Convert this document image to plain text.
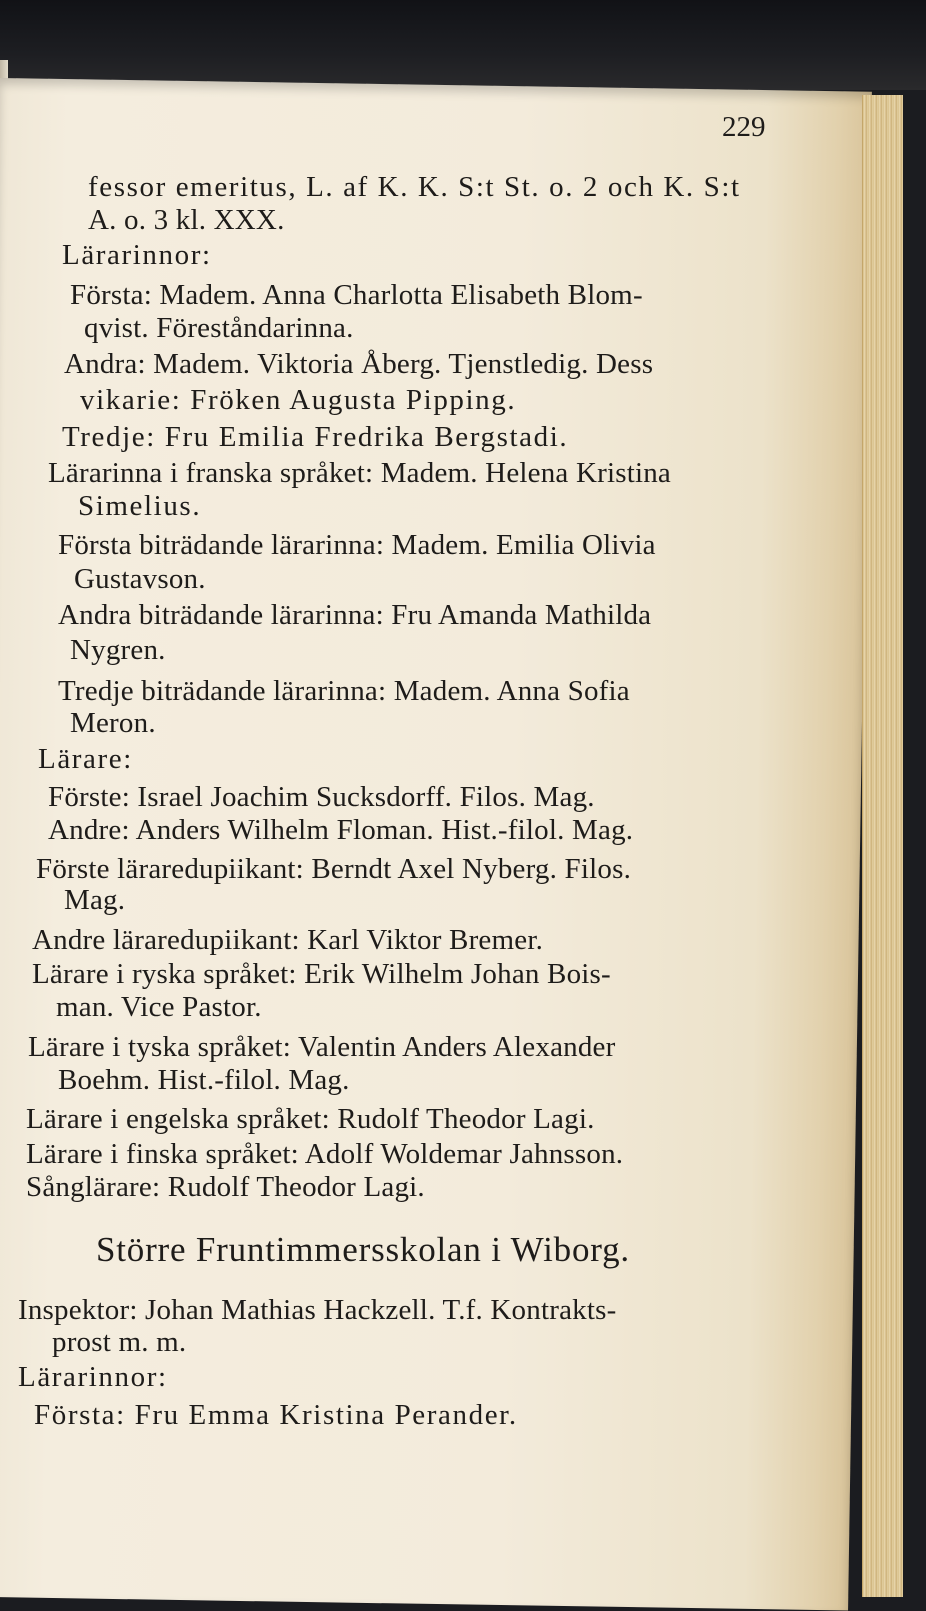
229
fessor emeritus, L. af K. K. S:t St. o. 2 och K. S:t
A. o. 3 kl. XXX.
Lärarinnor:
Första: Madem. Anna Charlotta Elisabeth Blom-
qvist. Föreståndarinna.
Andra: Madem. Viktoria Åberg. Tjenstledig. Dess
vikarie: Fröken Augusta Pipping.
Tredje: Fru Emilia Fredrika Bergstadi.
Lärarinna i franska språket: Madem. Helena Kristina
Simelius.
Första biträdande lärarinna: Madem. Emilia Olivia
Gustavson.
Andra biträdande lärarinna: Fru Amanda Mathilda
Nygren.
Tredje biträdande lärarinna: Madem. Anna Sofia
Meron.
Lärare:
Förste: Israel Joachim Sucksdorff. Filos. Mag.
Andre: Anders Wilhelm Floman. Hist.-filol. Mag.
Förste läraredupiikant: Berndt Axel Nyberg. Filos.
Mag.
Andre läraredupiikant: Karl Viktor Bremer.
Lärare i ryska språket: Erik Wilhelm Johan Bois-
man. Vice Pastor.
Lärare i tyska språket: Valentin Anders Alexander
Boehm. Hist.-filol. Mag.
Lärare i engelska språket: Rudolf Theodor Lagi.
Lärare i finska språket: Adolf Woldemar Jahnsson.
Sånglärare: Rudolf Theodor Lagi.
Större Fruntimmersskolan i Wiborg.
Inspektor: Johan Mathias Hackzell. T.f. Kontrakts-
prost m. m.
Lärarinnor:
Första: Fru Emma Kristina Perander.
